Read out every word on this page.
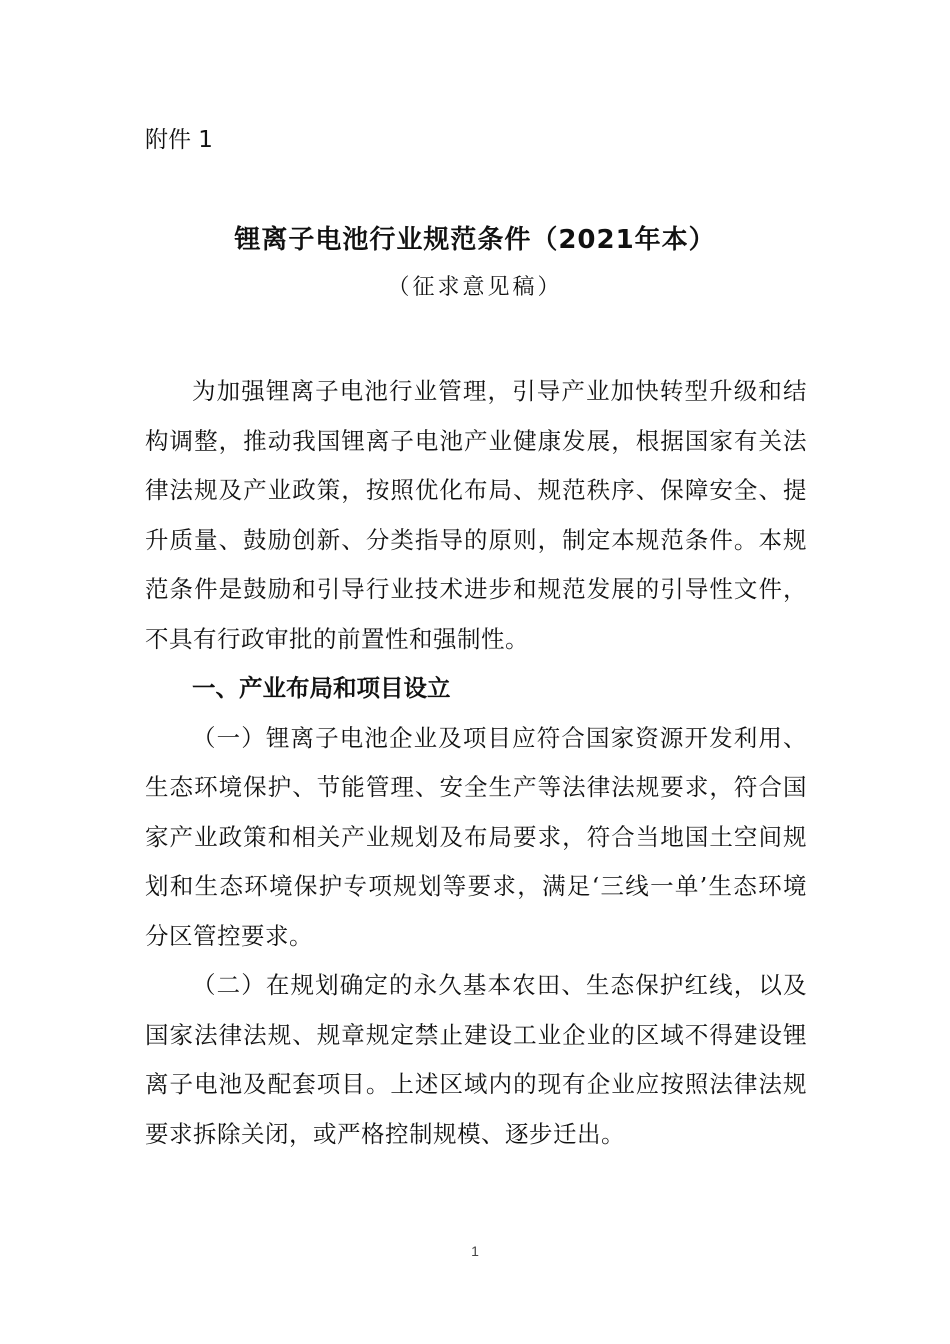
附件 1
锂离子电池行业规范条件（2021年本）
（征求意见稿）

为加强锂离子电池行业管理，引导产业加快转型升级和结构调整，推动我国锂离子电池产业健康发展，根据国家有关法律法规及产业政策，按照优化布局、规范秩序、保障安全、提升质量、鼓励创新、分类指导的原则，制定本规范条件。本规范条件是鼓励和引导行业技术进步和规范发展的引导性文件，不具有行政审批的前置性和强制性。

一、产业布局和项目设立

（一）锂离子电池企业及项目应符合国家资源开发利用、生态环境保护、节能管理、安全生产等法律法规要求，符合国家产业政策和相关产业规划及布局要求，符合当地国土空间规划和生态环境保护专项规划等要求，满足‘三线一单’生态环境分区管控要求。

（二）在规划确定的永久基本农田、生态保护红线，以及国家法律法规、规章规定禁止建设工业企业的区域不得建设锂离子电池及配套项目。上述区域内的现有企业应按照法律法规要求拆除关闭，或严格控制规模、逐步迁出。

1
